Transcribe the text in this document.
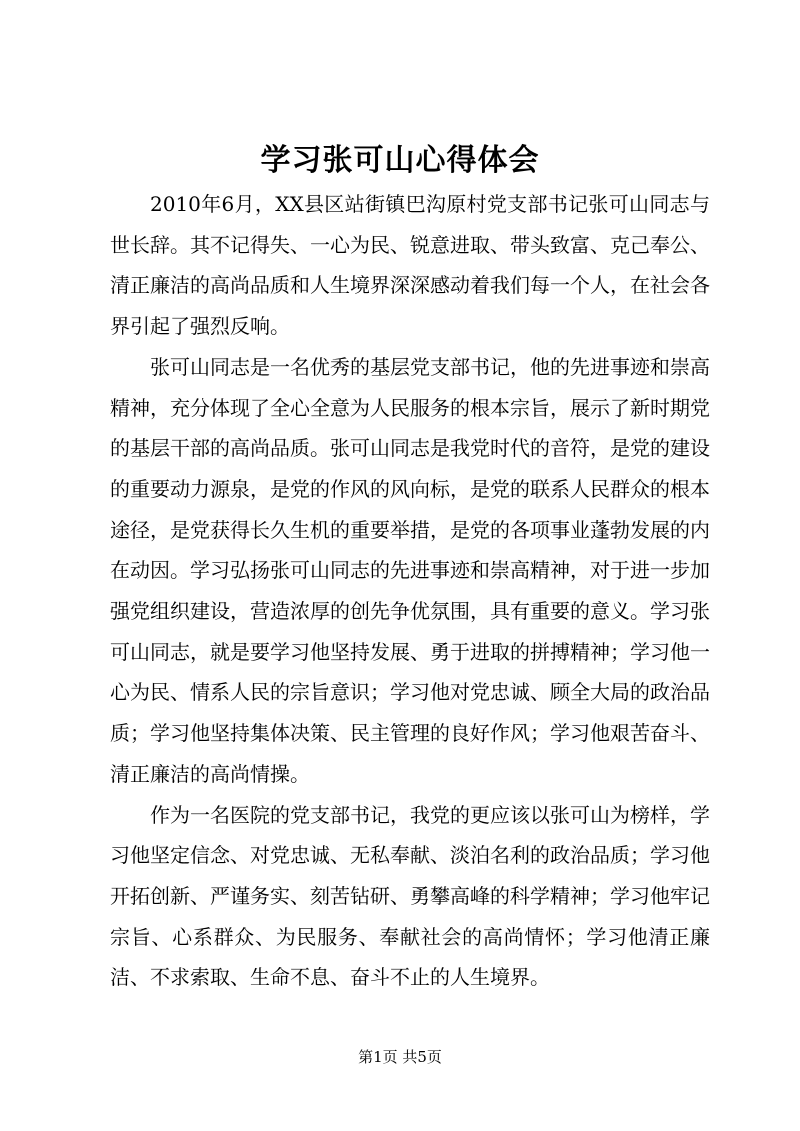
学习张可山心得体会

2010年6月，XX县区站街镇巴沟原村党支部书记张可山同志与世长辞。其不记得失、一心为民、锐意进取、带头致富、克己奉公、清正廉洁的高尚品质和人生境界深深感动着我们每一个人，在社会各界引起了强烈反响。

张可山同志是一名优秀的基层党支部书记，他的先进事迹和崇高精神，充分体现了全心全意为人民服务的根本宗旨，展示了新时期党的基层干部的高尚品质。张可山同志是我党时代的音符，是党的建设的重要动力源泉，是党的作风的风向标，是党的联系人民群众的根本途径，是党获得长久生机的重要举措，是党的各项事业蓬勃发展的内在动因。学习弘扬张可山同志的先进事迹和崇高精神，对于进一步加强党组织建设，营造浓厚的创先争优氛围，具有重要的意义。学习张可山同志，就是要学习他坚持发展、勇于进取的拼搏精神；学习他一心为民、情系人民的宗旨意识；学习他对党忠诚、顾全大局的政治品质；学习他坚持集体决策、民主管理的良好作风；学习他艰苦奋斗、清正廉洁的高尚情操。

作为一名医院的党支部书记，我党的更应该以张可山为榜样，学习他坚定信念、对党忠诚、无私奉献、淡泊名利的政治品质；学习他开拓创新、严谨务实、刻苦钻研、勇攀高峰的科学精神；学习他牢记宗旨、心系群众、为民服务、奉献社会的高尚情怀；学习他清正廉洁、不求索取、生命不息、奋斗不止的人生境界。

第1页 共5页
